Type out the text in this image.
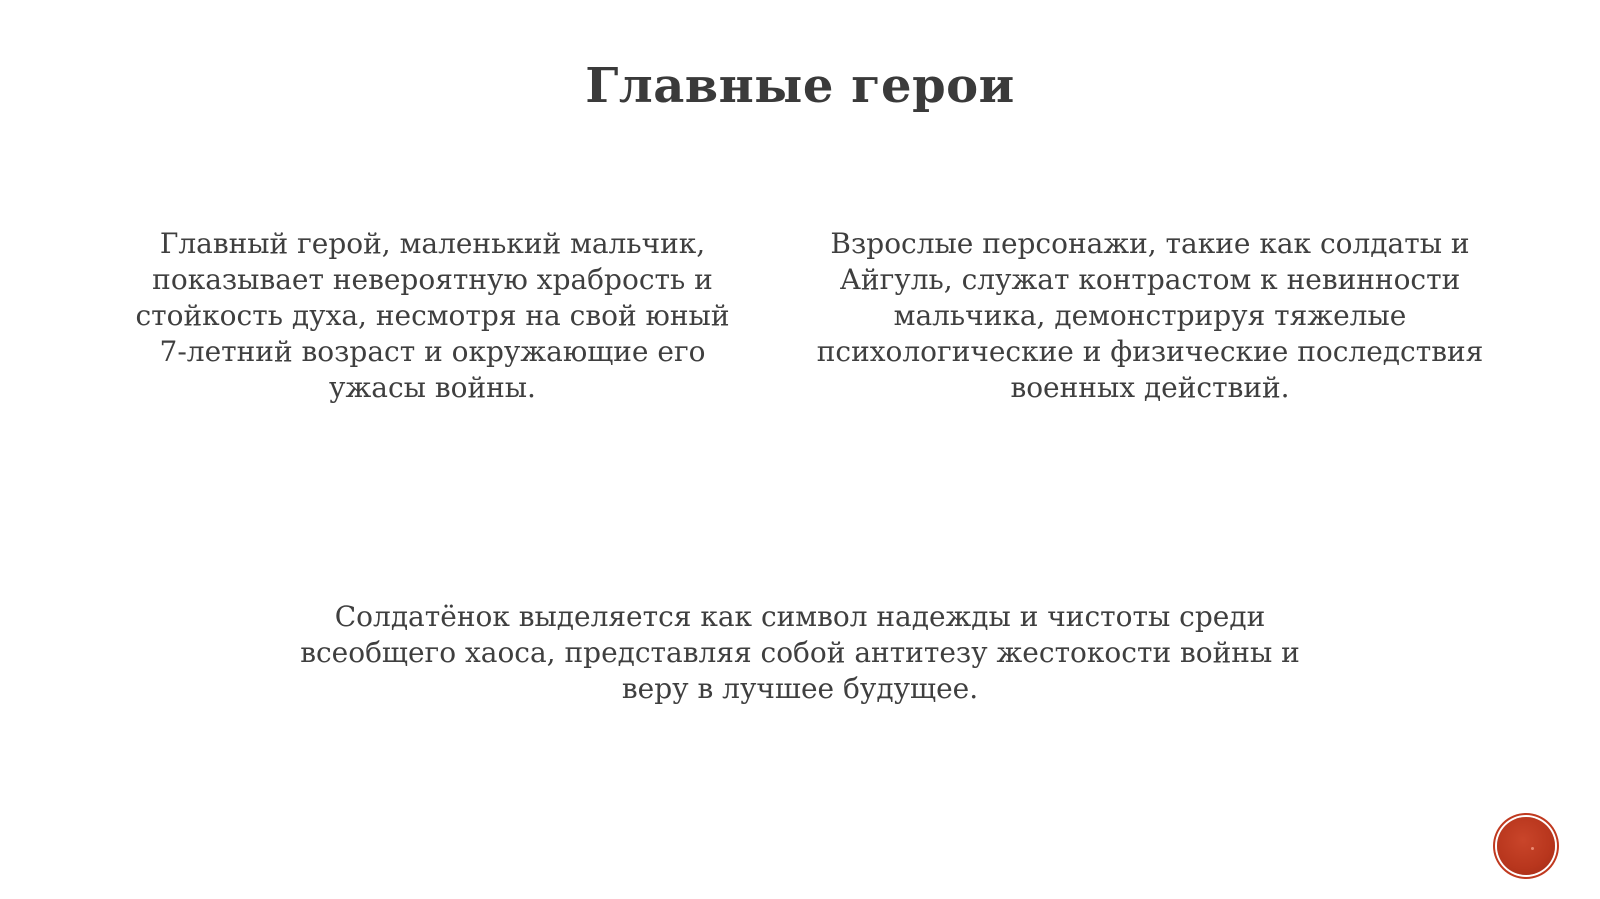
Главные герои
Главный герой, маленький мальчик, показывает невероятную храбрость и стойкость духа, несмотря на свой юный 7-летний возраст и окружающие его ужасы войны.
Взрослые персонажи, такие как солдаты и Айгуль, служат контрастом к невинности мальчика, демонстрируя тяжелые психологические и физические последствия военных действий.
Солдатёнок выделяется как символ надежды и чистоты среди всеобщего хаоса, представляя собой антитезу жестокости войны и веру в лучшее будущее.
